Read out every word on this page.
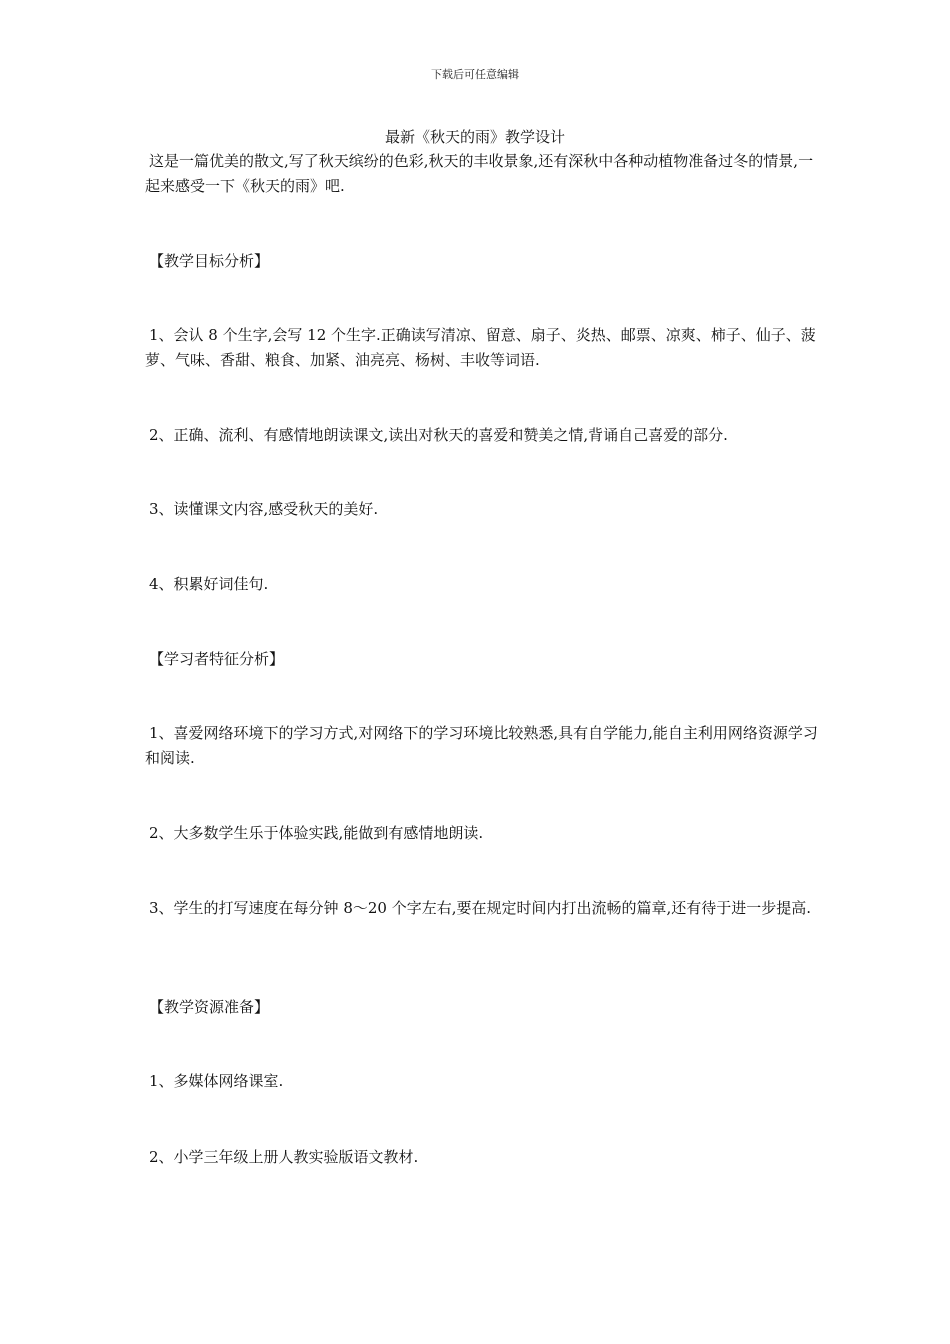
下载后可任意编辑
最新《秋天的雨》教学设计

这是一篇优美的散文,写了秋天缤纷的色彩,秋天的丰收景象,还有深秋中各种动植物准备过冬的情景,一起来感受一下《秋天的雨》吧.

【教学目标分析】

1、会认 8 个生字,会写 12 个生字.正确读写清凉、留意、扇子、炎热、邮票、凉爽、柿子、仙子、菠萝、气味、香甜、粮食、加紧、油亮亮、杨树、丰收等词语.

2、正确、流利、有感情地朗读课文,读出对秋天的喜爱和赞美之情,背诵自己喜爱的部分.

3、读懂课文内容,感受秋天的美好.

4、积累好词佳句.

【学习者特征分析】

1、喜爱网络环境下的学习方式,对网络下的学习环境比较熟悉,具有自学能力,能自主利用网络资源学习和阅读.

2、大多数学生乐于体验实践,能做到有感情地朗读.

3、学生的打写速度在每分钟 8～20 个字左右,要在规定时间内打出流畅的篇章,还有待于进一步提高.

【教学资源准备】

1、多媒体网络课室.

2、小学三年级上册人教实验版语文教材.
